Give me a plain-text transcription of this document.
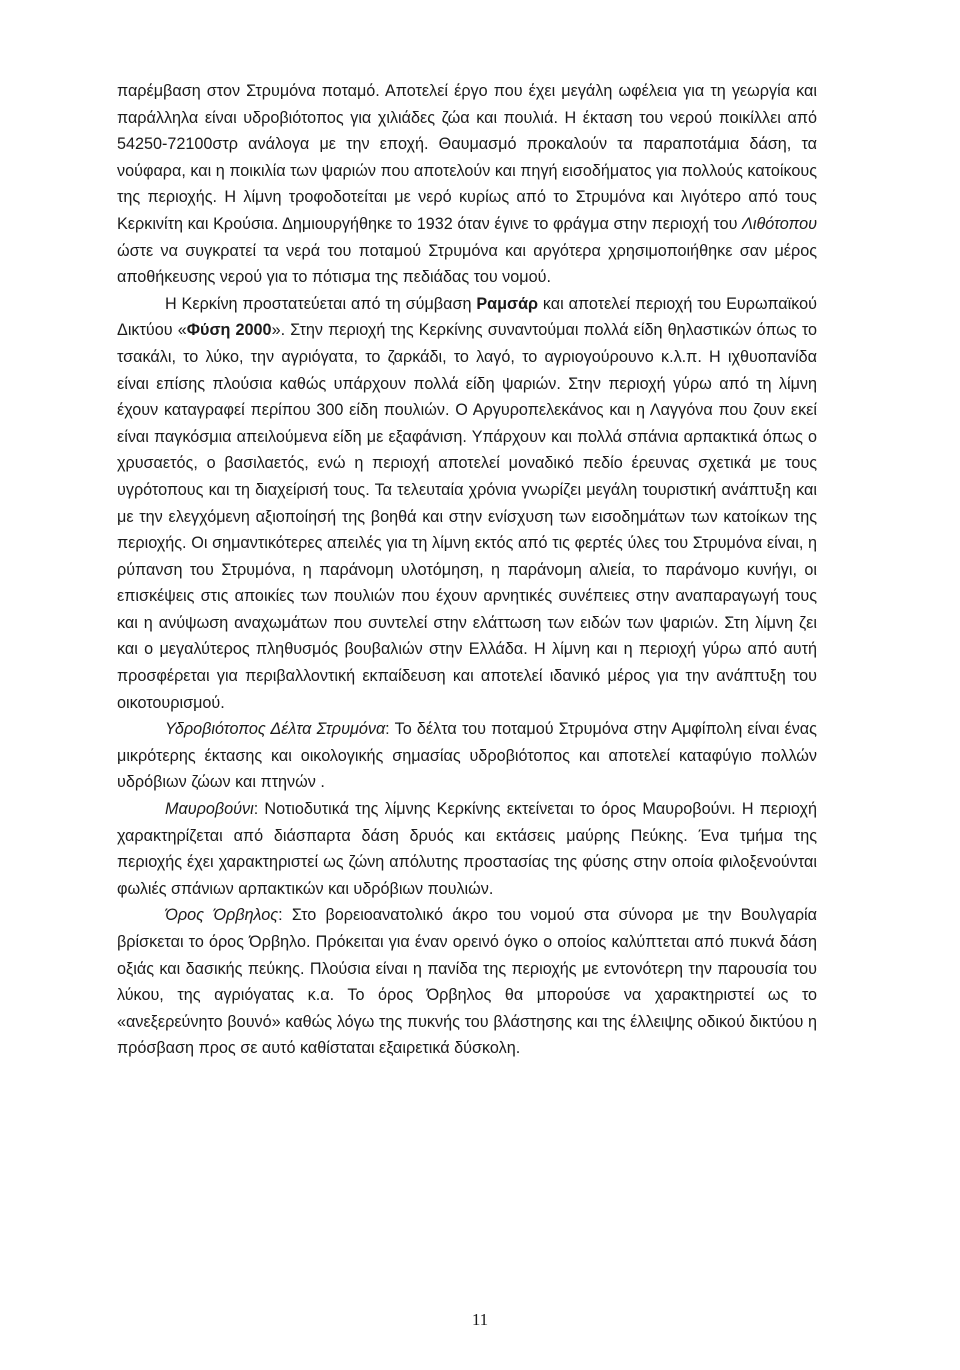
παρέμβαση στον Στρυμόνα ποταμό. Αποτελεί έργο που έχει μεγάλη ωφέλεια για τη γεωργία και παράλληλα είναι υδροβιότοπος για χιλιάδες ζώα και πουλιά. Η έκταση του νερού ποικίλλει από 54250-72100στρ ανάλογα με την εποχή. Θαυμασμό προκαλούν τα παραποτάμια δάση, τα νούφαρα, και η ποικιλία των ψαριών που αποτελούν και πηγή εισοδήματος για πολλούς κατοίκους της περιοχής. Η λίμνη τροφοδοτείται με νερό κυρίως από το Στρυμόνα και λιγότερο από τους Κερκινίτη και Κρούσια. Δημιουργήθηκε το 1932 όταν έγινε το φράγμα στην περιοχή του Λιθότοπου ώστε να συγκρατεί τα νερά του ποταμού Στρυμόνα και αργότερα χρησιμοποιήθηκε σαν μέρος αποθήκευσης νερού για το πότισμα της πεδιάδας του νομού.

Η Κερκίνη προστατεύεται από τη σύμβαση Ραμσάρ και αποτελεί περιοχή του Ευρωπαϊκού Δικτύου «Φύση 2000». Στην περιοχή της Κερκίνης συναντούμαι πολλά είδη θηλαστικών όπως το τσακάλι, το λύκο, την αγριόγατα, το ζαρκάδι, το λαγό, το αγριογούρουνο κ.λ.π. Η ιχθυοπανίδα είναι επίσης πλούσια καθώς υπάρχουν πολλά είδη ψαριών. Στην περιοχή γύρω από τη λίμνη έχουν καταγραφεί περίπου 300 είδη πουλιών. Ο Αργυροπελεκάνος και η Λαγγόνα που ζουν εκεί είναι παγκόσμια απειλούμενα είδη με εξαφάνιση. Υπάρχουν και πολλά σπάνια αρπακτικά όπως ο χρυσαετός, ο βασιλαετός, ενώ η περιοχή αποτελεί μοναδικό πεδίο έρευνας σχετικά με τους υγρότοπους και τη διαχείρισή τους. Τα τελευταία χρόνια γνωρίζει μεγάλη τουριστική ανάπτυξη και με την ελεγχόμενη αξιοποίησή της βοηθά και στην ενίσχυση των εισοδημάτων των κατοίκων της περιοχής. Οι σημαντικότερες απειλές για τη λίμνη εκτός από τις φερτές ύλες του Στρυμόνα είναι, η ρύπανση του Στρυμόνα, η παράνομη υλοτόμηση, η παράνομη αλιεία, το παράνομο κυνήγι, οι επισκέψεις στις αποικίες των πουλιών που έχουν αρνητικές συνέπειες στην αναπαραγωγή τους και η ανύψωση αναχωμάτων που συντελεί στην ελάττωση των ειδών των ψαριών. Στη λίμνη ζει και ο μεγαλύτερος πληθυσμός βουβαλιών στην Ελλάδα. Η λίμνη και η περιοχή γύρω από αυτή προσφέρεται για περιβαλλοντική εκπαίδευση και αποτελεί ιδανικό μέρος για την ανάπτυξη του οικοτουρισμού.

Υδροβιότοπος Δέλτα Στρυμόνα: Το δέλτα του ποταμού Στρυμόνα στην Αμφίπολη είναι ένας μικρότερης έκτασης και οικολογικής σημασίας υδροβιότοπος και αποτελεί καταφύγιο πολλών υδρόβιων ζώων και πτηνών .

Μαυροβούνι: Νοτιοδυτικά της λίμνης Κερκίνης εκτείνεται το όρος Μαυροβούνι. Η περιοχή χαρακτηρίζεται από διάσπαρτα δάση δρυός και εκτάσεις μαύρης Πεύκης. Ένα τμήμα της περιοχής έχει χαρακτηριστεί ως ζώνη απόλυτης προστασίας της φύσης στην οποία φιλοξενούνται φωλιές σπάνιων αρπακτικών και υδρόβιων πουλιών.

Όρος Όρβηλος: Στο βορειοανατολικό άκρο του νομού στα σύνορα με την Βουλγαρία βρίσκεται το όρος Όρβηλο. Πρόκειται για έναν ορεινό όγκο ο οποίος καλύπτεται από πυκνά δάση οξιάς και δασικής πεύκης. Πλούσια είναι η πανίδα της περιοχής με εντονότερη την παρουσία του λύκου, της αγριόγατας κ.α. Το όρος Όρβηλος θα μπορούσε να χαρακτηριστεί ως το «ανεξερεύνητο βουνό» καθώς λόγω της πυκνής του βλάστησης και της έλλειψης οδικού δικτύου η πρόσβαση προς σε αυτό καθίσταται εξαιρετικά δύσκολη.

11
